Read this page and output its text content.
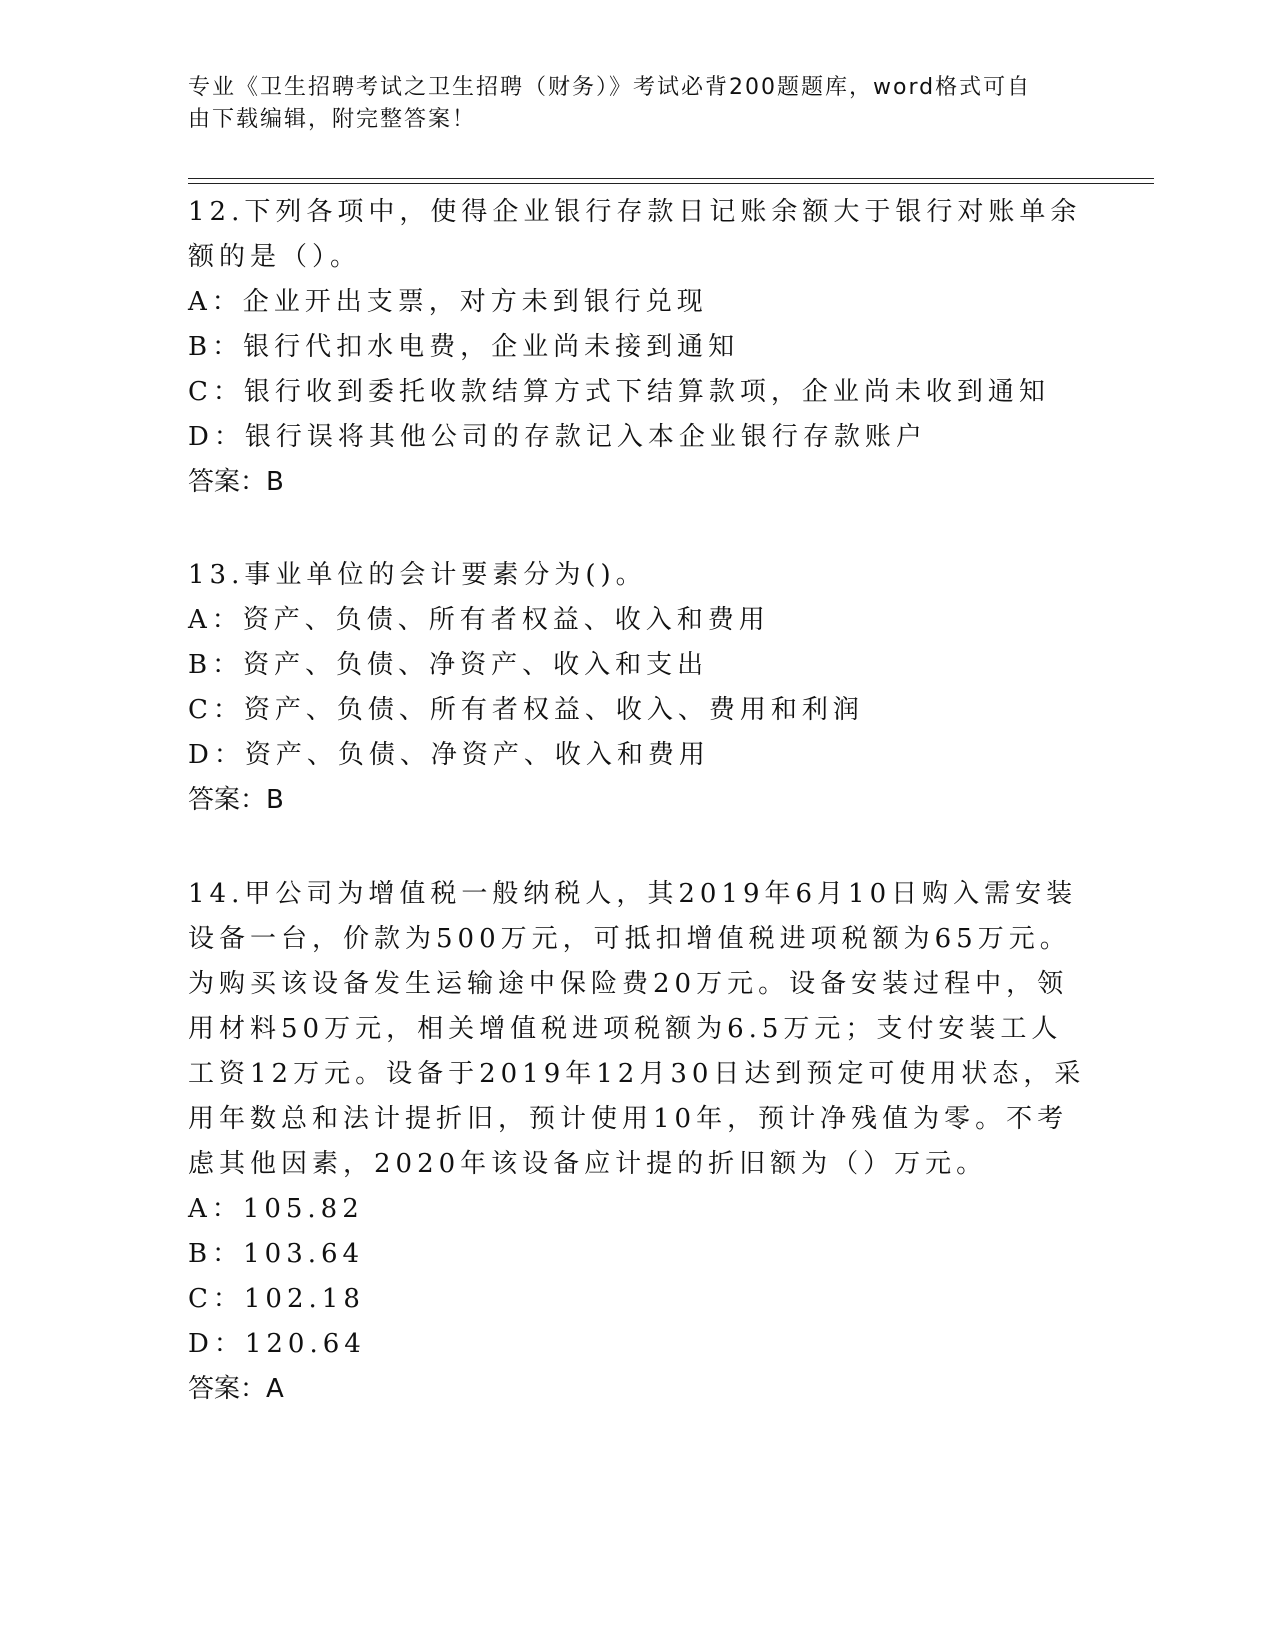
专业《卫生招聘考试之卫生招聘（财务）》考试必背200题题库，word格式可自
由下载编辑，附完整答案！

12.下列各项中，使得企业银行存款日记账余额大于银行对账单余额的是（）。

A：企业开出支票，对方未到银行兑现

B：银行代扣水电费，企业尚未接到通知

C：银行收到委托收款结算方式下结算款项，企业尚未收到通知

D：银行误将其他公司的存款记入本企业银行存款账户

答案：B

13.事业单位的会计要素分为()。

A：资产、负债、所有者权益、收入和费用

B：资产、负债、净资产、收入和支出

C：资产、负债、所有者权益、收入、费用和利润

D：资产、负债、净资产、收入和费用

答案：B

14.甲公司为增值税一般纳税人，其2019年6月10日购入需安装设备一台，价款为500万元，可抵扣增值税进项税额为65万元。为购买该设备发生运输途中保险费20万元。设备安装过程中，领用材料50万元，相关增值税进项税额为6.5万元；支付安装工人工资12万元。设备于2019年12月30日达到预定可使用状态，采用年数总和法计提折旧，预计使用10年，预计净残值为零。不考虑其他因素，2020年该设备应计提的折旧额为（）万元。

A：105.82

B：103.64

C：102.18

D：120.64

答案：A
